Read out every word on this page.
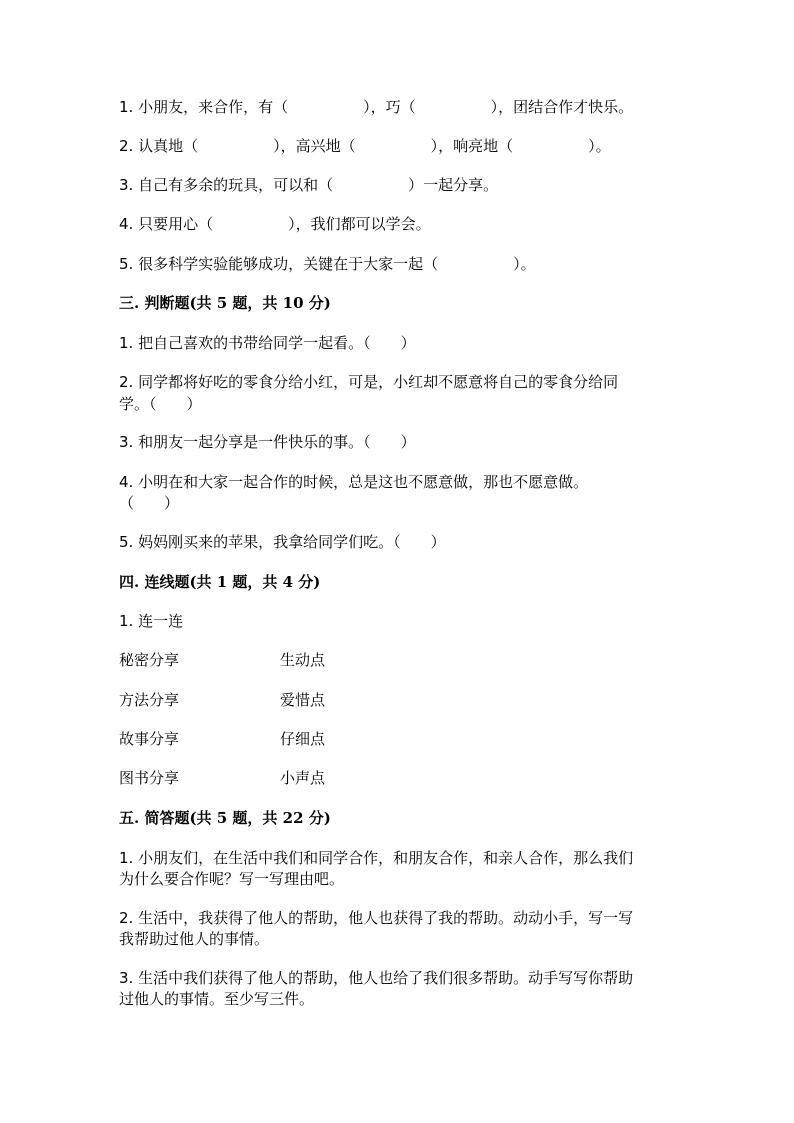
1. 小朋友，来合作，有（　　　　　），巧（　　　　　），团结合作才快乐。
2. 认真地（　　　　　），高兴地（　　　　　），响亮地（　　　　　）。
3. 自己有多余的玩具，可以和（　　　　　）一起分享。
4. 只要用心（　　　　　），我们都可以学会。
5. 很多科学实验能够成功，关键在于大家一起（　　　　　）。
三. 判断题(共 5 题，共 10 分)
1. 把自己喜欢的书带给同学一起看。（　　）
2. 同学都将好吃的零食分给小红，可是，小红却不愿意将自己的零食分给同
学。（　　）
3. 和朋友一起分享是一件快乐的事。（　　）
4. 小明在和大家一起合作的时候，总是这也不愿意做，那也不愿意做。
（　　）
5. 妈妈刚买来的苹果，我拿给同学们吃。（　　）
四. 连线题(共 1 题，共 4 分)
1. 连一连
秘密分享	生动点
方法分享	爱惜点
故事分享	仔细点
图书分享	小声点
五. 简答题(共 5 题，共 22 分)
1. 小朋友们，在生活中我们和同学合作，和朋友合作，和亲人合作，那么我们
为什么要合作呢？写一写理由吧。
2. 生活中，我获得了他人的帮助，他人也获得了我的帮助。动动小手，写一写
我帮助过他人的事情。
3. 生活中我们获得了他人的帮助，他人也给了我们很多帮助。动手写写你帮助
过他人的事情。至少写三件。
